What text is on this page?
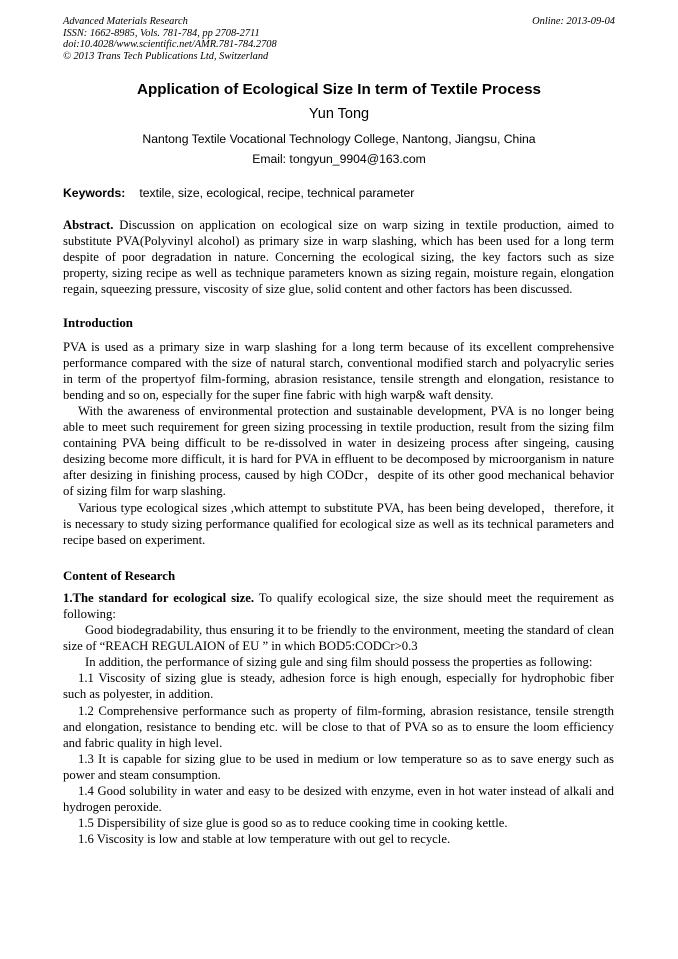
Advanced Materials Research
ISSN: 1662-8985, Vols. 781-784, pp 2708-2711
doi:10.4028/www.scientific.net/AMR.781-784.2708
© 2013 Trans Tech Publications Ltd, Switzerland
Online: 2013-09-04
Application of Ecological Size In term of Textile Process
Yun Tong
Nantong Textile Vocational Technology College, Nantong, Jiangsu, China
Email: tongyun_9904@163.com
Keywords: textile, size, ecological, recipe, technical parameter

Abstract. Discussion on application on ecological size on warp sizing in textile production, aimed to substitute PVA(Polyvinyl alcohol) as primary size in warp slashing, which has been used for a long term despite of poor degradation in nature. Concerning the ecological sizing, the key factors such as size property, sizing recipe as well as technique parameters known as sizing regain, moisture regain, elongation regain, squeezing pressure, viscosity of size glue, solid content and other factors has been discussed.

Introduction

PVA is used as a primary size in warp slashing for a long term because of its excellent comprehensive performance compared with the size of natural starch, conventional modified starch and polyacrylic series in term of the propertyof film-forming, abrasion resistance, tensile strength and elongation, resistance to bending and so on, especially for the super fine fabric with high warp& waft density.

With the awareness of environmental protection and sustainable development, PVA is no longer being able to meet such requirement for green sizing processing in textile production, result from the sizing film containing PVA being difficult to be re-dissolved in water in desizeing process after singeing, causing desizing become more difficult, it is hard for PVA in effluent to be decomposed by microorganism in nature after desizing in finishing process, caused by high CODcr，despite of its other good mechanical behavior of sizing film for warp slashing.

Various type ecological sizes ,which attempt to substitute PVA, has been being developed，therefore, it is necessary to study sizing performance qualified for ecological size as well as its technical parameters and recipe based on experiment.

Content of Research

1.The standard for ecological size. To qualify ecological size, the size should meet the requirement as following:

Good biodegradability, thus ensuring it to be friendly to the environment, meeting the standard of clean size of “REACH REGULAION of EU ” in which BOD5:CODCr>0.3

In addition, the performance of sizing gule and sing film should possess the properties as following:

1.1 Viscosity of sizing glue is steady, adhesion force is high enough, especially for hydrophobic fiber such as polyester, in addition.

1.2 Comprehensive performance such as property of film-forming, abrasion resistance, tensile strength and elongation, resistance to bending etc. will be close to that of PVA so as to ensure the loom efficiency and fabric quality in high level.

1.3 It is capable for sizing glue to be used in medium or low temperature so as to save energy such as power and steam consumption.

1.4 Good solubility in water and easy to be desized with enzyme, even in hot water instead of alkali and hydrogen peroxide.

1.5 Dispersibility of size glue is good so as to reduce cooking time in cooking kettle.

1.6 Viscosity is low and stable at low temperature with out gel to recycle.
